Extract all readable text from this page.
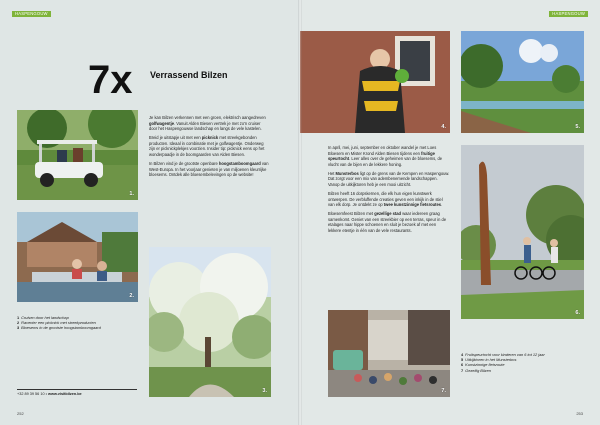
HASPENGOUW
7x Verrassend Bilzen
1.
2.
3.

Je kan Bilzen verkennen met een groen, elektrisch aangedreven golfwagentje. Vanuit Alden Biesen vertrek je met zo'n cruiser door het Haspengouwse landschap en langs de vele kastelen.

Breid je uitstapje uit met een picknick met streekgebonden producten. Ideaal in combinatie met je golfwagentje. Onderweg zijn er picknickplekjes voorzien. Insider tip: picknick eens op het wonderpaadje in de boomgaarden van Alden Biesen.

In Bilzen vind je de grootste openbare hoogstamboomgaard van West-Europa. In het voorjaar genieten je van miljoenen kleurrijke bloesems. Ontdek alle bloesembelevingen op de website!

1 Cruisen door het landschap
2 Ravenier een picknick met streekproducten
3 Bloesems in de grootste hoogstamboomgaard
+32 89 39 56 10 • www.visitbilzen.be
252
HASPENGOUW
4.	5.
6.
7.

In april, mei, juni, september en oktober wandel je met Loes Bloesem en Mister Krond Alden Biesen tijdens een fruitige speurtocht. Leer alles over de geheimen van de bloesems, de vlucht van de bijen en de lekkere honing.

Het Munsterbos ligt op de grens van de Kempen en Haspengouw. Dat zorgt voor een mix van adembenemende landschappen. Vanop de uitkijktoren heb je een mooi uitzicht.

Bilzen heeft 16 dorpskernen, die elk hun eigen kunstwerk ontwerpen. De verbluffende creaties geven een inkijk in de stiel van elk dorp. Je ontdekt ze op twee kunstzinnige fietsroutes.

Bloesemfeest Bilzen met gezellige stad waar iedereen graag samenkomt. Geniet van een streekbier op een terras, speur in de etalages naar hippe schoenen en sluit je bezoek af met een lekkere etentje in één van de vele restaurants.

4 Fruitspeurtocht voor kinderen van 6 tot 12 jaar
5 Uitkijktoren in het Munsterbos
6 Kunstzinnige fietsroute
7 Gezellig Bilzen
253
